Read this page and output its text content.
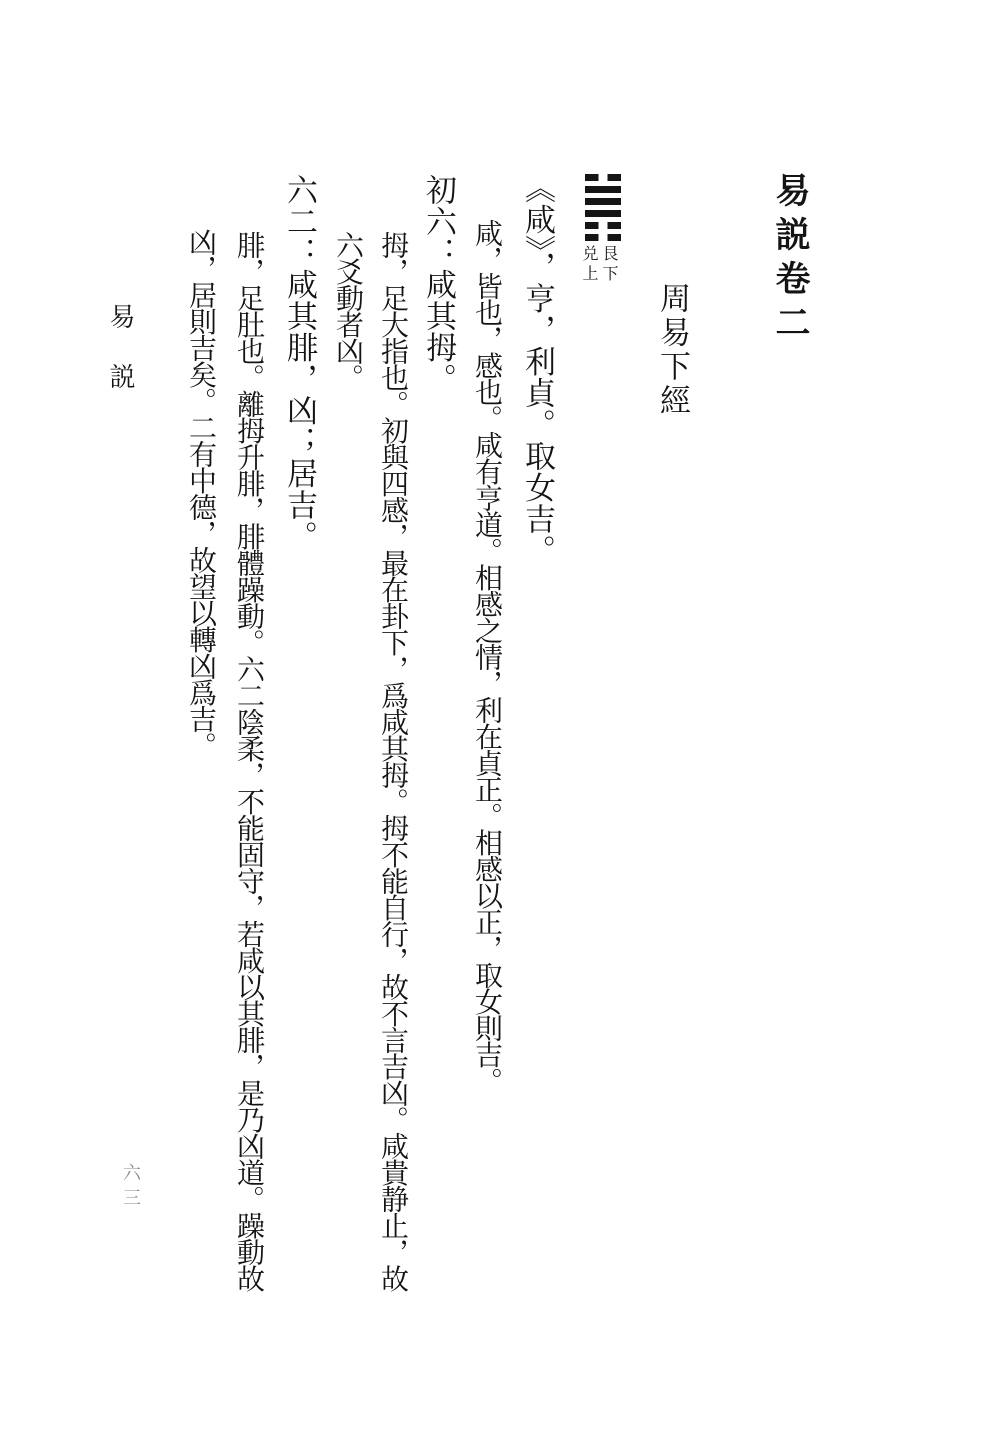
易説卷二
周易下經
艮下
兑上
《咸》，亨，利貞。取女吉。
咸，皆也，感也。咸有亨道。相感之情，利在貞正。相感以正，取女則吉。
初六：咸其拇。
拇，足大指也。初與四感，最在卦下，爲咸其拇。拇不能自行，故不言吉凶。咸貴静止，故
六爻動者凶。
六二：咸其腓，凶；居吉。
腓，足肚也。離拇升腓，腓體躁動。六二陰柔，不能固守，若咸以其腓，是乃凶道。躁動故
凶，居則吉矣。二有中德，故望以轉凶爲吉。
易説
六三
